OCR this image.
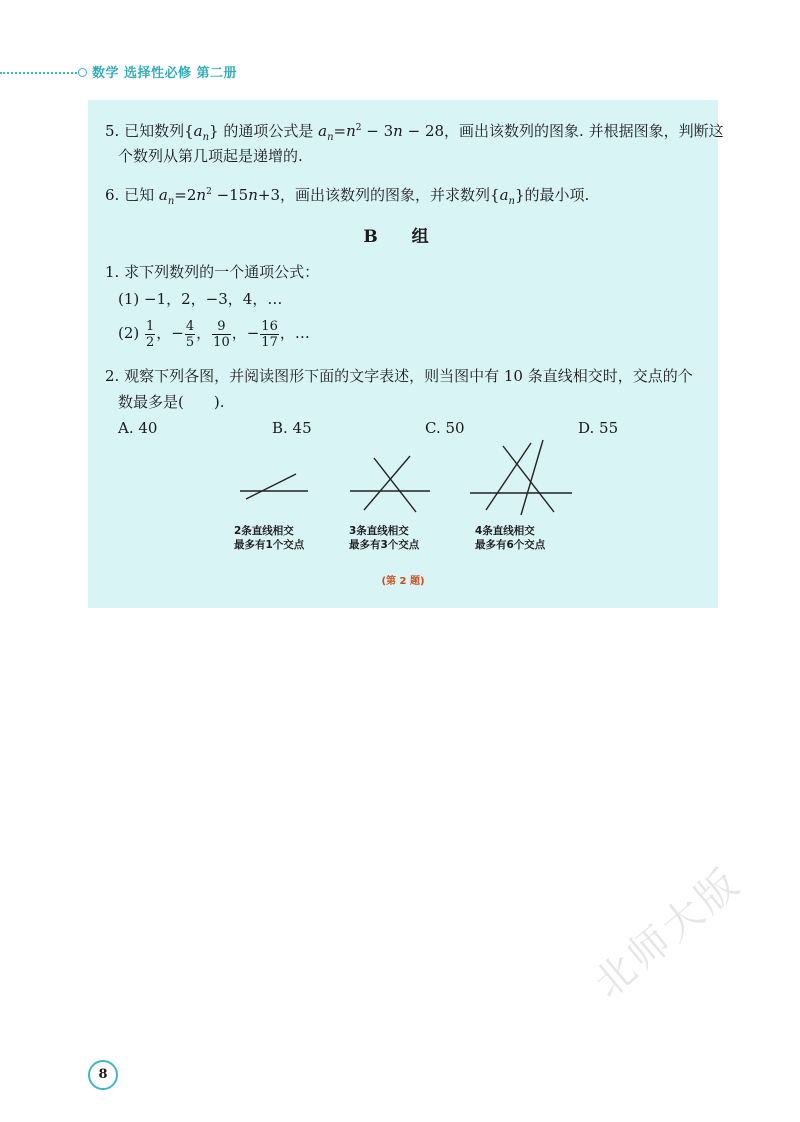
数学 选择性必修 第二册
5. 已知数列$\{a_n\}$ 的通项公式是 $a_n=n^2 - 3n - 28$，画出该数列的图象. 并根据图象，判断这
个数列从第几项起是递增的.
6. 已知 $a_n=2n^2 -15n+3$，画出该数列的图象，并求数列$\{a_n\}$的最小项.
B 组
1. 求下列数列的一个通项公式：
(1) −1，2，−3，4，…
$(2) \frac{1}{2}$ ，− $\frac{4}{5}$ ， $\frac{9}{10}$ ，− $\frac{16}{17}$ ，…
2. 观察下列各图，并阅读图形下面的文字表述，则当图中有 10 条直线相交时，交点的个
数最多是( ).
A. 40	B. 45	C. 50	D. 55
2条直线相交
最多有1个交点
3条直线相交
最多有3个交点
4条直线相交
最多有6个交点
(第 2 题)
8
北师大版
